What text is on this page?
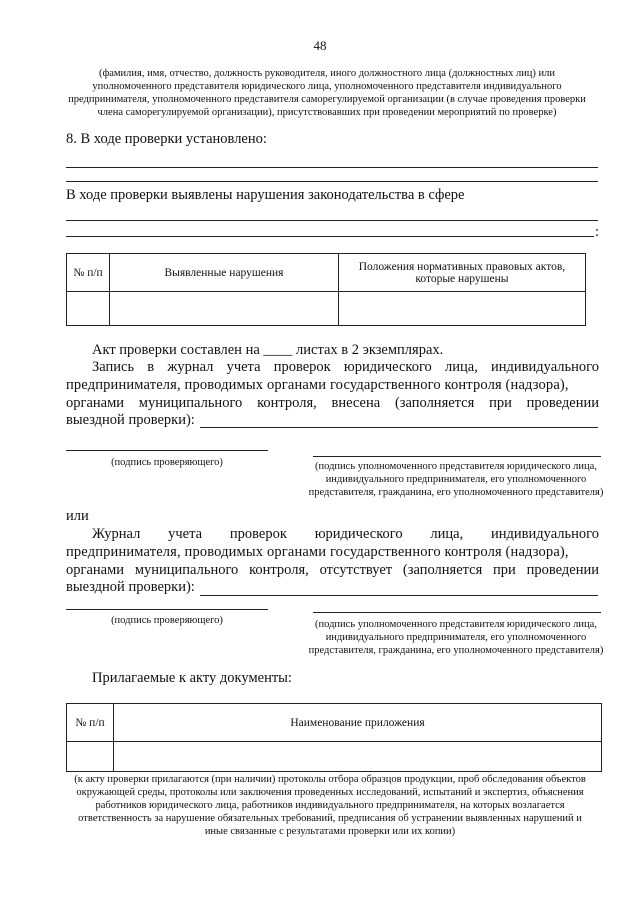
48
(фамилия, имя, отчество, должность руководителя, иного должностного лица (должностных лиц) или уполномоченного представителя юридического лица, уполномоченного представителя индивидуального предпринимателя, уполномоченного представителя саморегулируемой организации (в случае проведения проверки члена саморегулируемой организации), присутствовавших при проведении мероприятий по проверке)
8. В ходе проверки установлено:
В ходе проверки выявлены нарушения законодательства в сфере
:
№ п/п	Выявленные нарушения	Положения нормативных правовых актов, которые нарушены

Акт проверки составлен на ____ листах в 2 экземплярах.
Запись в журнал учета проверок юридического лица, индивидуального
предпринимателя, проводимых органами государственного контроля (надзора),
органами муниципального контроля, внесена (заполняется при проведении
выездной проверки):
(подпись проверяющего)	(подпись уполномоченного представителя юридического лица, индивидуального предпринимателя, его уполномоченного представителя, гражданина, его уполномоченного представителя)
или
Журнал учета проверок юридического лица, индивидуального
предпринимателя, проводимых органами государственного контроля (надзора),
органами муниципального контроля, отсутствует (заполняется при проведении
выездной проверки):
(подпись проверяющего)	(подпись уполномоченного представителя юридического лица, индивидуального предпринимателя, его уполномоченного представителя, гражданина, его уполномоченного представителя)
Прилагаемые к акту документы:
№ п/п	Наименование приложения

(к акту проверки прилагаются (при наличии) протоколы отбора образцов продукции, проб обследования объектов окружающей среды, протоколы или заключения проведенных исследований, испытаний и экспертиз, объяснения работников юридического лица, работников индивидуального предпринимателя, на которых возлагается ответственность за нарушение обязательных требований, предписания об устранении выявленных нарушений и иные связанные с результатами проверки или их копии)
